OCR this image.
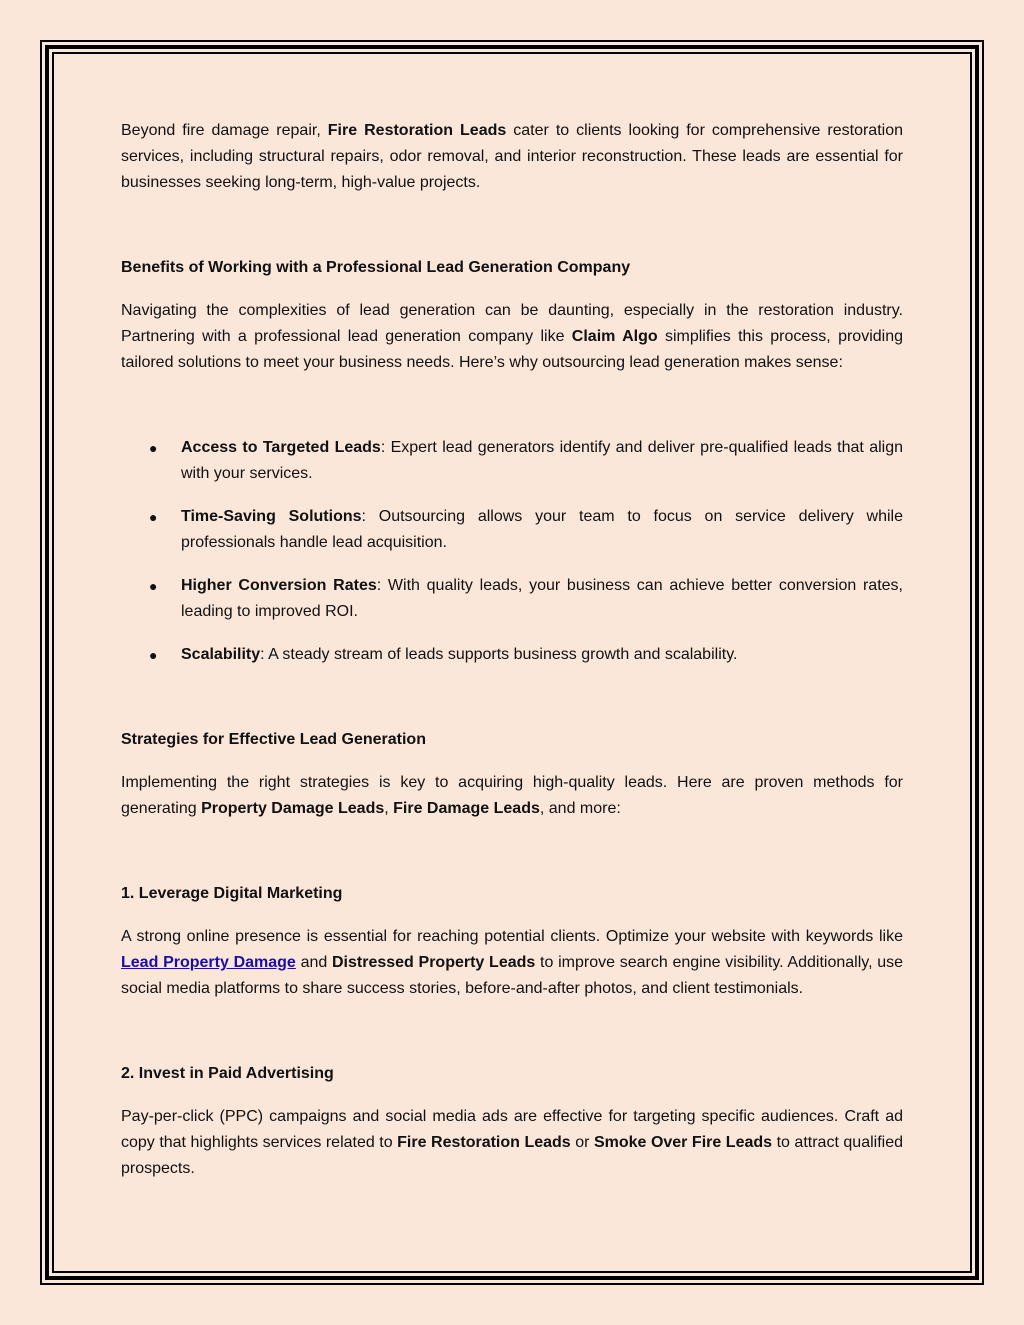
Beyond fire damage repair, Fire Restoration Leads cater to clients looking for comprehensive restoration services, including structural repairs, odor removal, and interior reconstruction. These leads are essential for businesses seeking long-term, high-value projects.

Benefits of Working with a Professional Lead Generation Company

Navigating the complexities of lead generation can be daunting, especially in the restoration industry. Partnering with a professional lead generation company like Claim Algo simplifies this process, providing tailored solutions to meet your business needs. Here’s why outsourcing lead generation makes sense:

● Access to Targeted Leads: Expert lead generators identify and deliver pre-qualified leads that align with your services.
● Time-Saving Solutions: Outsourcing allows your team to focus on service delivery while professionals handle lead acquisition.
● Higher Conversion Rates: With quality leads, your business can achieve better conversion rates, leading to improved ROI.
● Scalability: A steady stream of leads supports business growth and scalability.

Strategies for Effective Lead Generation

Implementing the right strategies is key to acquiring high-quality leads. Here are proven methods for generating Property Damage Leads, Fire Damage Leads, and more:

1. Leverage Digital Marketing

A strong online presence is essential for reaching potential clients. Optimize your website with keywords like Lead Property Damage and Distressed Property Leads to improve search engine visibility. Additionally, use social media platforms to share success stories, before-and-after photos, and client testimonials.

2. Invest in Paid Advertising

Pay-per-click (PPC) campaigns and social media ads are effective for targeting specific audiences. Craft ad copy that highlights services related to Fire Restoration Leads or Smoke Over Fire Leads to attract qualified prospects.
